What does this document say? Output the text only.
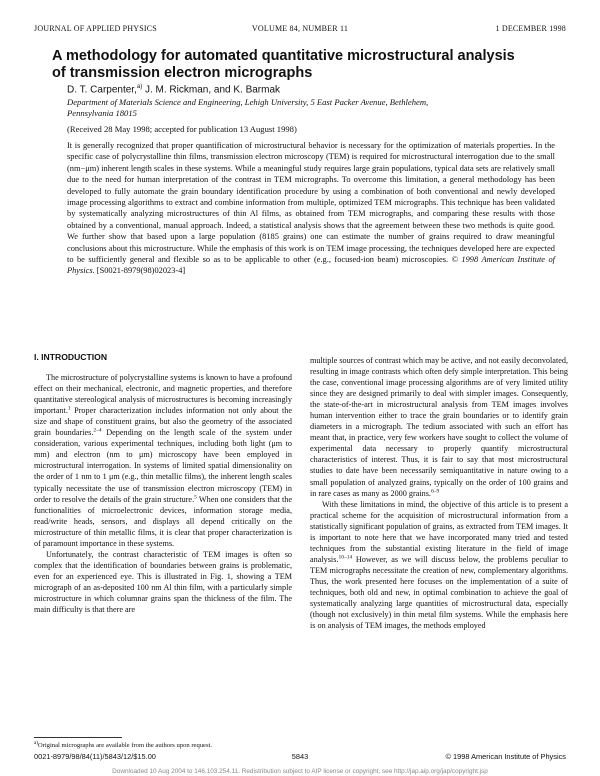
JOURNAL OF APPLIED PHYSICS	VOLUME 84, NUMBER 11	1 DECEMBER 1998
A methodology for automated quantitative microstructural analysis
of transmission electron micrographs
D. T. Carpenter,$^{a)}$ J. M. Rickman, and K. Barmak
Department of Materials Science and Engineering, Lehigh University, 5 East Packer Avenue, Bethlehem,
Pennsylvania 18015
(Received 28 May 1998; accepted for publication 13 August 1998)
It is generally recognized that proper quantification of microstructural behavior is necessary for the optimization of materials properties. In the specific case of polycrystalline thin films, transmission electron microscopy (TEM) is required for microstructural interrogation due to the small (nm−μm) inherent length scales in these systems. While a meaningful study requires large grain populations, typical data sets are relatively small due to the need for human interpretation of the contrast in TEM micrographs. To overcome this limitation, a general methodology has been developed to fully automate the grain boundary identification procedure by using a combination of both conventional and newly developed image processing algorithms to extract and combine information from multiple, optimized TEM micrographs. This technique has been validated by systematically analyzing microstructures of thin Al films, as obtained from TEM micrographs, and comparing these results with those obtained by a conventional, manual approach. Indeed, a statistical analysis shows that the agreement between these two methods is quite good. We further show that based upon a large population (8185 grains) one can estimate the number of grains required to draw meaningful conclusions about this microstructure. While the emphasis of this work is on TEM image processing, the techniques developed here are expected to be sufficiently general and flexible so as to be applicable to other (e.g., focused-ion beam) microscopies. © 1998 American Institute of Physics. [S0021-8979(98)02023-4]
I. INTRODUCTION

The microstructure of polycrystalline systems is known to have a profound effect on their mechanical, electronic, and magnetic properties, and therefore quantitative stereological analysis of microstructures is becoming increasingly important.$^1$ Proper characterization includes information not only about the size and shape of constituent grains, but also the geometry of the associated grain boundaries.$^{2-4}$ Depending on the length scale of the system under consideration, various experimental techniques, including both light (μm to mm) and electron (nm to μm) microscopy have been employed in microstructural interrogation. In systems of limited spatial dimensionality on the order of 1 nm to 1 μm (e.g., thin metallic films), the inherent length scales typically necessitate the use of transmission electron microscopy (TEM) in order to resolve the details of the grain structure.$^5$ When one considers that the functionalities of microelectronic devices, information storage media, read/write heads, sensors, and displays all depend critically on the microstructure of thin metallic films, it is clear that proper characterization is of paramount importance in these systems.

Unfortunately, the contrast characteristic of TEM images is often so complex that the identification of boundaries between grains is problematic, even for an experienced eye. This is illustrated in Fig. 1, showing a TEM micrograph of an as-deposited 100 nm Al thin film, with a particularly simple microstructure in which columnar grains span the thickness of the film. The main difficulty is that there are

multiple sources of contrast which may be active, and not easily deconvolated, resulting in image contrasts which often defy simple interpretation. This being the case, conventional image processing algorithms are of very limited utility since they are designed primarily to deal with simpler images. Consequently, the state-of-the-art in microstructural analysis from TEM images involves human intervention either to trace the grain boundaries or to identify grain diameters in a micrograph. The tedium associated with such an effort has meant that, in practice, very few workers have sought to collect the volume of experimental data necessary to properly quantify microstructural characteristics of interest. Thus, it is fair to say that most microstructural studies to date have been necessarily semiquantitative in nature owing to a small population of analyzed grains, typically on the order of 100 grains and in rare cases as many as 2000 grains.$^{6-9}$

With these limitations in mind, the objective of this article is to present a practical scheme for the acquisition of microstructural information from a statistically significant population of grains, as extracted from TEM images. It is important to note here that we have incorporated many tried and tested techniques from the substantial existing literature in the field of image analysis.$^{10-14}$ However, as we will discuss below, the problems peculiar to TEM micrographs necessitate the creation of new, complementary algorithms. Thus, the work presented here focuses on the implementation of a suite of techniques, both old and new, in optimal combination to achieve the goal of systematically analyzing large quantities of microstructural data, especially (though not exclusively) in thin metal film systems. While the emphasis here is on analysis of TEM images, the methods employed

$^{a)}$Original micrographs are available from the authors upon request.
0021-8979/98/84(11)/5843/12/$15.00	5843	© 1998 American Institute of Physics
Downloaded 10 Aug 2004 to 146.103.254.11. Redistribution subject to AIP license or copyright, see http://jap.aip.org/jap/copyright.jsp
